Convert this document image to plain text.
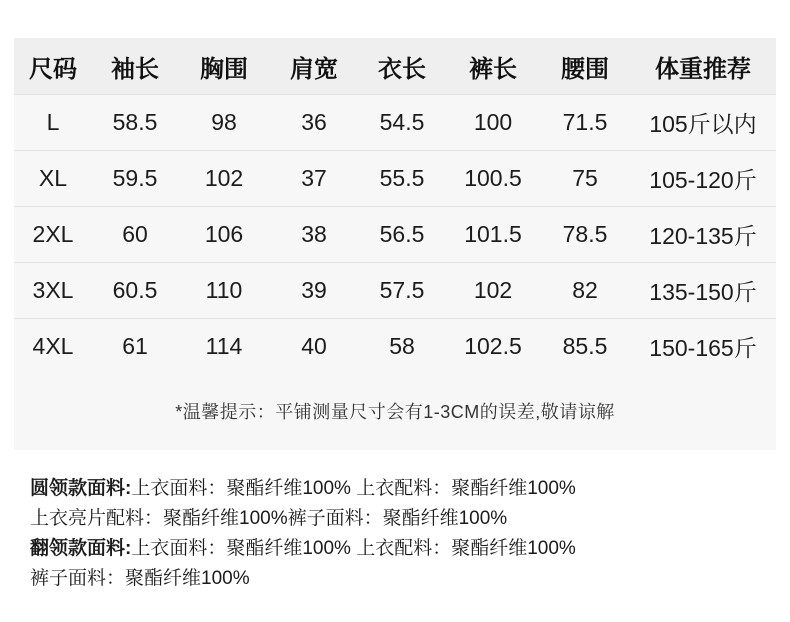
尺码	袖长	胸围	肩宽	衣长	裤长	腰围	体重推荐
L	58.5	98	36	54.5	100	71.5	105斤以内
XL	59.5	102	37	55.5	100.5	75	105-120斤
2XL	60	106	38	56.5	101.5	78.5	120-135斤
3XL	60.5	110	39	57.5	102	82	135-150斤
4XL	61	114	40	58	102.5	85.5	150-165斤
*温馨提示：平铺测量尺寸会有1-3CM的误差,敬请谅解
圆领款面料:上衣面料：聚酯纤维100% 上衣配料：聚酯纤维100%
上衣亮片配料：聚酯纤维100%裤子面料：聚酯纤维100%
翻领款面料:上衣面料：聚酯纤维100% 上衣配料：聚酯纤维100%
裤子面料：聚酯纤维100%
